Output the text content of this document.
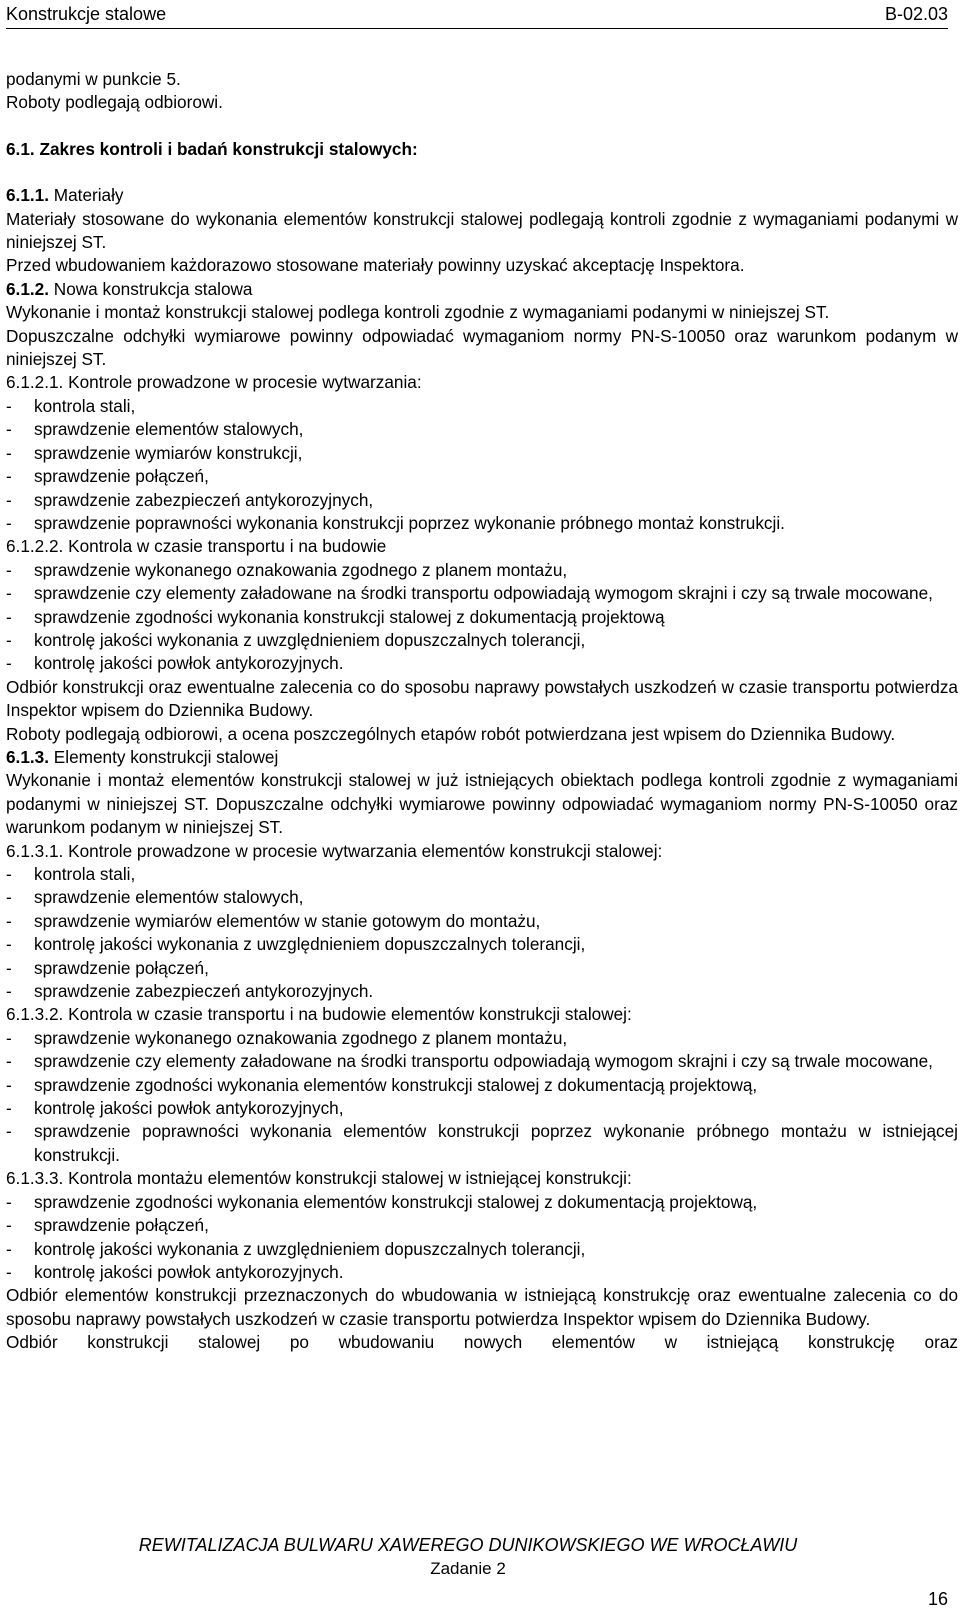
Konstrukcje stalowe	B-02.03

podanymi w punkcie 5.

Roboty podlegają odbiorowi.

6.1. Zakres kontroli i badań konstrukcji stalowych:

6.1.1. Materiały

Materiały stosowane do wykonania elementów konstrukcji stalowej podlegają kontroli zgodnie z wymaganiami podanymi w niniejszej ST.

Przed wbudowaniem każdorazowo stosowane materiały powinny uzyskać akceptację Inspektora.

6.1.2. Nowa konstrukcja stalowa

Wykonanie i montaż konstrukcji stalowej podlega kontroli zgodnie z wymaganiami podanymi w niniejszej ST.

Dopuszczalne odchyłki wymiarowe powinny odpowiadać wymaganiom normy PN-S-10050 oraz warunkom podanym w niniejszej ST.

6.1.2.1. Kontrole prowadzone w procesie wytwarzania:

-	kontrola stali,
-	sprawdzenie elementów stalowych,
-	sprawdzenie wymiarów konstrukcji,
-	sprawdzenie połączeń,
-	sprawdzenie zabezpieczeń antykorozyjnych,
-	sprawdzenie poprawności wykonania konstrukcji poprzez wykonanie próbnego montaż konstrukcji.

6.1.2.2. Kontrola w czasie transportu i na budowie

-	sprawdzenie wykonanego oznakowania zgodnego z planem montażu,
-	sprawdzenie czy elementy załadowane na środki transportu odpowiadają wymogom skrajni i czy są trwale mocowane,
-	sprawdzenie zgodności wykonania konstrukcji stalowej z dokumentacją projektową
-	kontrolę jakości wykonania z uwzględnieniem dopuszczalnych tolerancji,
-	kontrolę jakości powłok antykorozyjnych.

Odbiór konstrukcji oraz ewentualne zalecenia co do sposobu naprawy powstałych uszkodzeń w czasie transportu potwierdza Inspektor wpisem do Dziennika Budowy.

Roboty podlegają odbiorowi, a ocena poszczególnych etapów robót potwierdzana jest wpisem do Dziennika Budowy.

6.1.3. Elementy konstrukcji stalowej

Wykonanie i montaż elementów konstrukcji stalowej w już istniejących obiektach podlega kontroli zgodnie z wymaganiami podanymi w niniejszej ST. Dopuszczalne odchyłki wymiarowe powinny odpowiadać wymaganiom normy PN-S-10050 oraz warunkom podanym w niniejszej ST.

6.1.3.1. Kontrole prowadzone w procesie wytwarzania elementów konstrukcji stalowej:

-	kontrola stali,
-	sprawdzenie elementów stalowych,
-	sprawdzenie wymiarów elementów w stanie gotowym do montażu,
-	kontrolę jakości wykonania z uwzględnieniem dopuszczalnych tolerancji,
-	sprawdzenie połączeń,
-	sprawdzenie zabezpieczeń antykorozyjnych.

6.1.3.2. Kontrola w czasie transportu i na budowie elementów konstrukcji stalowej:

-	sprawdzenie wykonanego oznakowania zgodnego z planem montażu,
-	sprawdzenie czy elementy załadowane na środki transportu odpowiadają wymogom skrajni i czy są trwale mocowane,
-	sprawdzenie zgodności wykonania elementów konstrukcji stalowej z dokumentacją projektową,
-	kontrolę jakości powłok antykorozyjnych,
-	sprawdzenie poprawności wykonania elementów konstrukcji poprzez wykonanie próbnego montażu w istniejącej konstrukcji.

6.1.3.3. Kontrola montażu elementów konstrukcji stalowej w istniejącej konstrukcji:

-	sprawdzenie zgodności wykonania elementów konstrukcji stalowej z dokumentacją projektową,
-	sprawdzenie połączeń,
-	kontrolę jakości wykonania z uwzględnieniem dopuszczalnych tolerancji,
-	kontrolę jakości powłok antykorozyjnych.

Odbiór elementów konstrukcji przeznaczonych do wbudowania w istniejącą konstrukcję oraz ewentualne zalecenia co do sposobu naprawy powstałych uszkodzeń w czasie transportu potwierdza Inspektor wpisem do Dziennika Budowy.

Odbiór konstrukcji stalowej po wbudowaniu nowych elementów w istniejącą konstrukcję oraz

REWITALIZACJA BULWARU XAWEREGO DUNIKOWSKIEGO WE WROCŁAWIU
Zadanie 2
16
